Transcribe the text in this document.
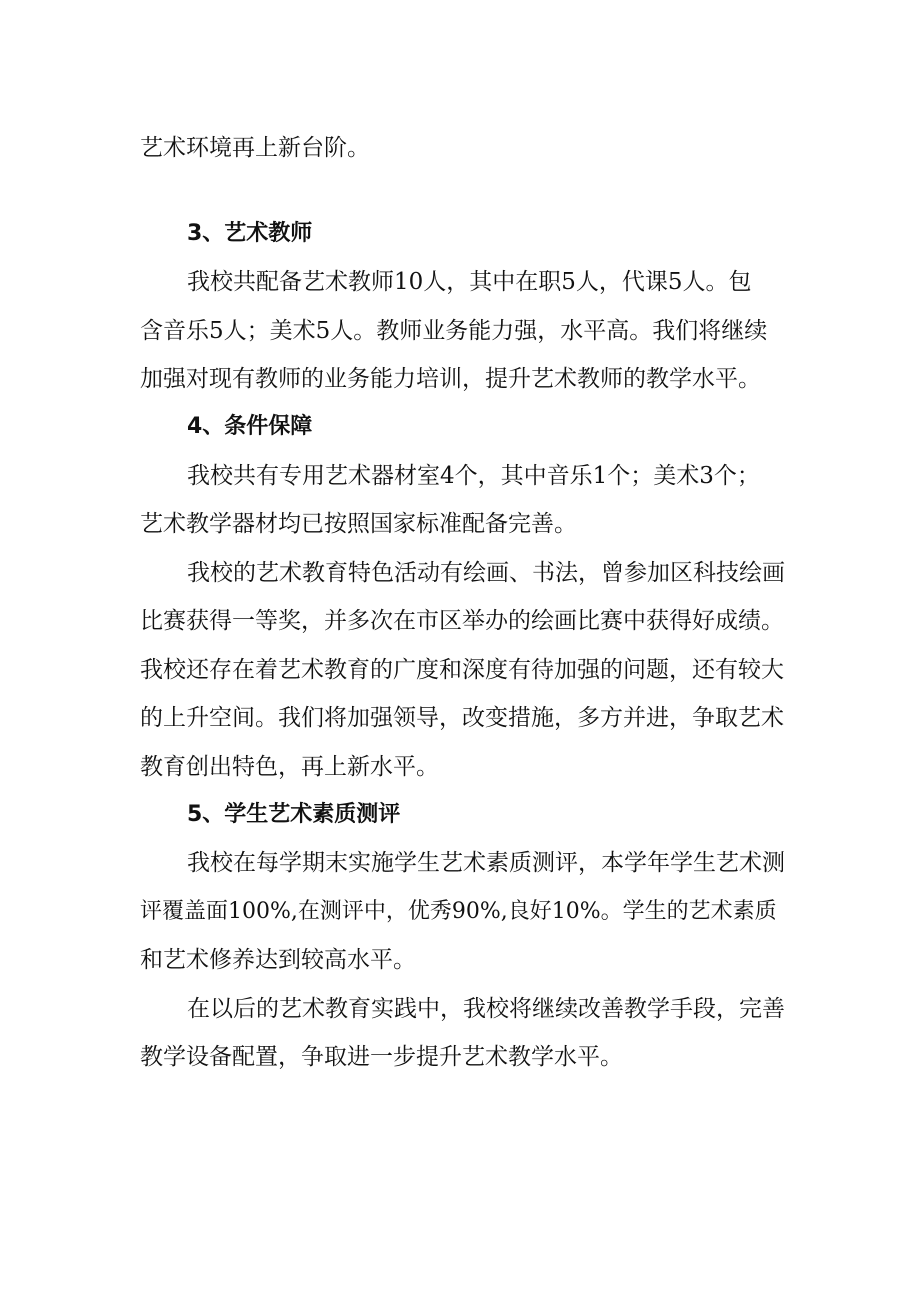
艺术环境再上新台阶。

3、艺术教师

我校共配备艺术教师10人，其中在职5人，代课5人。包

含音乐5人；美术5人。教师业务能力强，水平高。我们将继续

加强对现有教师的业务能力培训，提升艺术教师的教学水平。

4、条件保障

我校共有专用艺术器材室4个，其中音乐1个；美术3个；

艺术教学器材均已按照国家标准配备完善。

我校的艺术教育特色活动有绘画、书法，曾参加区科技绘画

比赛获得一等奖，并多次在市区举办的绘画比赛中获得好成绩。

我校还存在着艺术教育的广度和深度有待加强的问题，还有较大

的上升空间。我们将加强领导，改变措施，多方并进，争取艺术

教育创出特色，再上新水平。

5、学生艺术素质测评

我校在每学期末实施学生艺术素质测评，本学年学生艺术测

评覆盖面100%,在测评中，优秀90%,良好10%。学生的艺术素质

和艺术修养达到较高水平。

在以后的艺术教育实践中，我校将继续改善教学手段，完善

教学设备配置，争取进一步提升艺术教学水平。
